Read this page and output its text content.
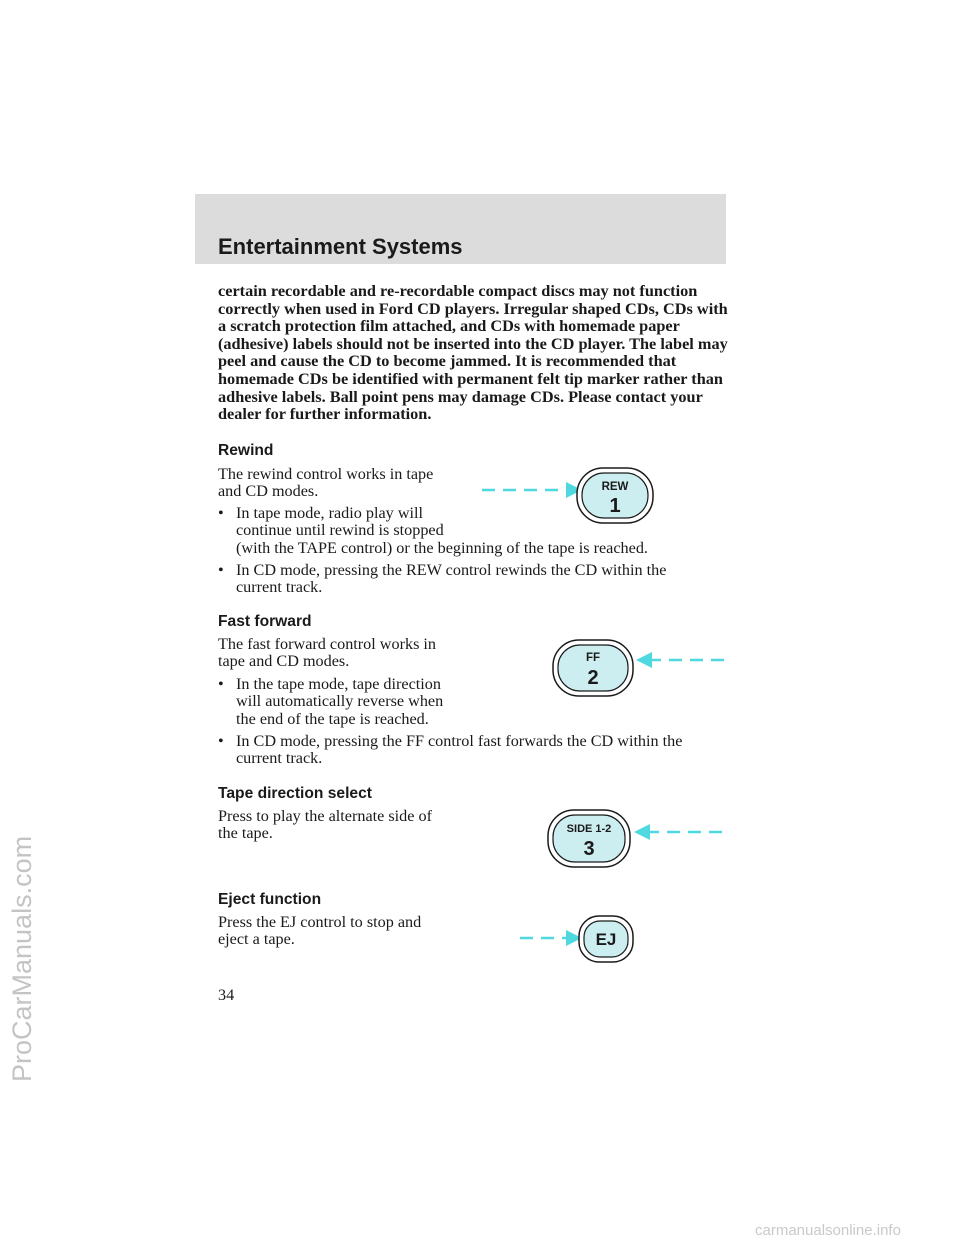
ProCarManuals.com
carmanualsonline.info
Entertainment Systems

certain recordable and re-recordable compact discs may not function correctly when used in Ford CD players. Irregular shaped CDs, CDs with a scratch protection film attached, and CDs with homemade paper (adhesive) labels should not be inserted into the CD player. The label may peel and cause the CD to become jammed. It is recommended that homemade CDs be identified with permanent felt tip marker rather than adhesive labels. Ball point pens may damage CDs. Please contact your dealer for further information.

Rewind

The rewind control works in tape
and CD modes.

• In tape mode, radio play will
continue until rewind is stopped
(with the TAPE control) or the beginning of the tape is reached.
• In CD mode, pressing the REW control rewinds the CD within the
current track.
Fast forward

The fast forward control works in
tape and CD modes.

• In the tape mode, tape direction
will automatically reverse when
the end of the tape is reached.
• In CD mode, pressing the FF control fast forwards the CD within the
current track.
Tape direction select

Press to play the alternate side of
the tape.

Eject function

Press the EJ control to stop and
eject a tape.

34

REW
1
FF
2
SIDE 1-2
3
EJ
